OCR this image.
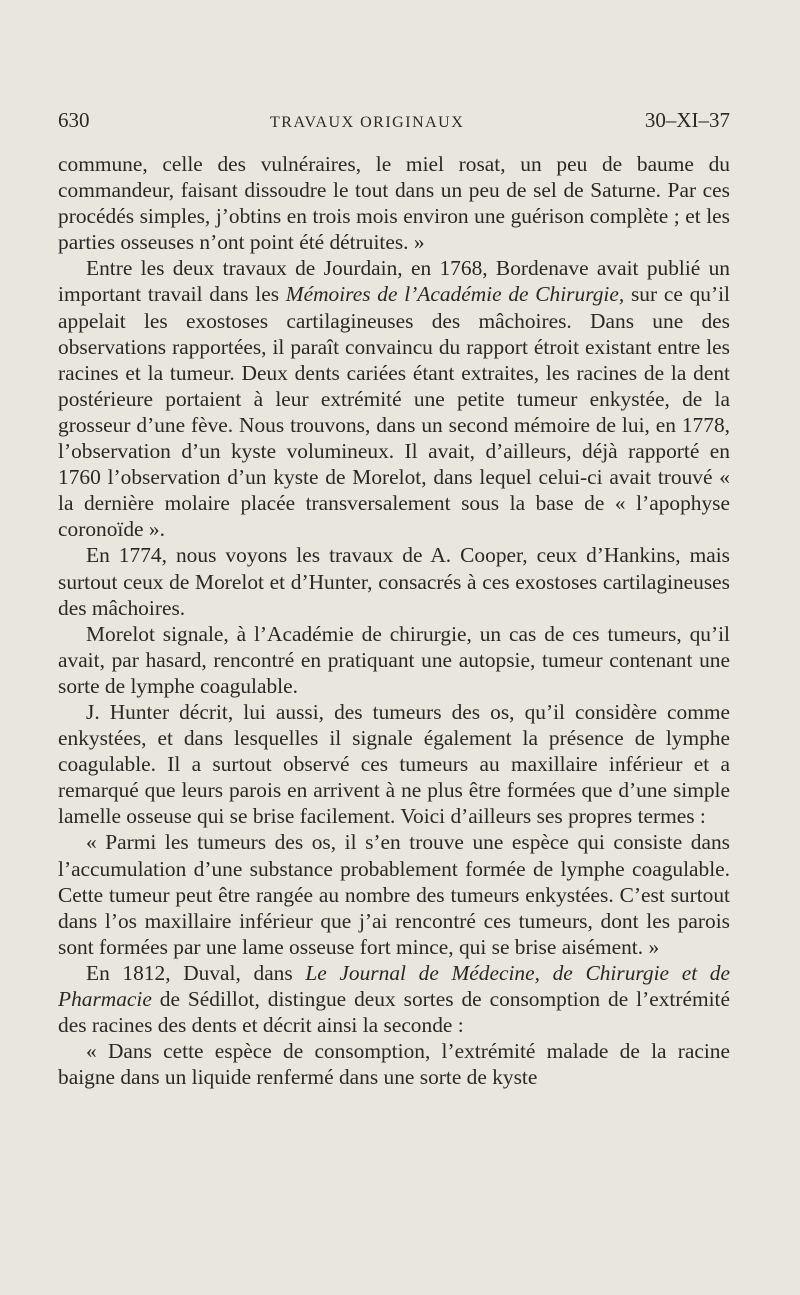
630	TRAVAUX ORIGINAUX	30–XI–37

commune, celle des vulnéraires, le miel rosat, un peu de baume du commandeur, faisant dissoudre le tout dans un peu de sel de Saturne. Par ces procédés simples, j’obtins en trois mois environ une guérison complète ; et les parties osseuses n’ont point été détruites. »

Entre les deux travaux de Jourdain, en 1768, Bordenave avait publié un important travail dans les Mémoires de l’Académie de Chirurgie, sur ce qu’il appelait les exostoses cartilagineuses des mâchoires. Dans une des observations rapportées, il paraît convaincu du rapport étroit existant entre les racines et la tumeur. Deux dents cariées étant extraites, les racines de la dent postérieure portaient à leur extrémité une petite tumeur enkystée, de la grosseur d’une fève. Nous trouvons, dans un second mémoire de lui, en 1778, l’observation d’un kyste volumineux. Il avait, d’ailleurs, déjà rapporté en 1760 l’observation d’un kyste de Morelot, dans lequel celui-ci avait trouvé « la dernière molaire placée transversalement sous la base de « l’apophyse coronoïde ».

En 1774, nous voyons les travaux de A. Cooper, ceux d’Hankins, mais surtout ceux de Morelot et d’Hunter, consacrés à ces exostoses cartilagineuses des mâchoires.

Morelot signale, à l’Académie de chirurgie, un cas de ces tumeurs, qu’il avait, par hasard, rencontré en pratiquant une autopsie, tumeur contenant une sorte de lymphe coagulable.

J. Hunter décrit, lui aussi, des tumeurs des os, qu’il considère comme enkystées, et dans lesquelles il signale également la présence de lymphe coagulable. Il a surtout observé ces tumeurs au maxillaire inférieur et a remarqué que leurs parois en arrivent à ne plus être formées que d’une simple lamelle osseuse qui se brise facilement. Voici d’ailleurs ses propres termes :

« Parmi les tumeurs des os, il s’en trouve une espèce qui consiste dans l’accumulation d’une substance probablement formée de lymphe coagulable. Cette tumeur peut être rangée au nombre des tumeurs enkystées. C’est surtout dans l’os maxillaire inférieur que j’ai rencontré ces tumeurs, dont les parois sont formées par une lame osseuse fort mince, qui se brise aisément. »

En 1812, Duval, dans Le Journal de Médecine, de Chirurgie et de Pharmacie de Sédillot, distingue deux sortes de consomption de l’extrémité des racines des dents et décrit ainsi la seconde :

« Dans cette espèce de consomption, l’extrémité malade de la racine baigne dans un liquide renfermé dans une sorte de kyste
